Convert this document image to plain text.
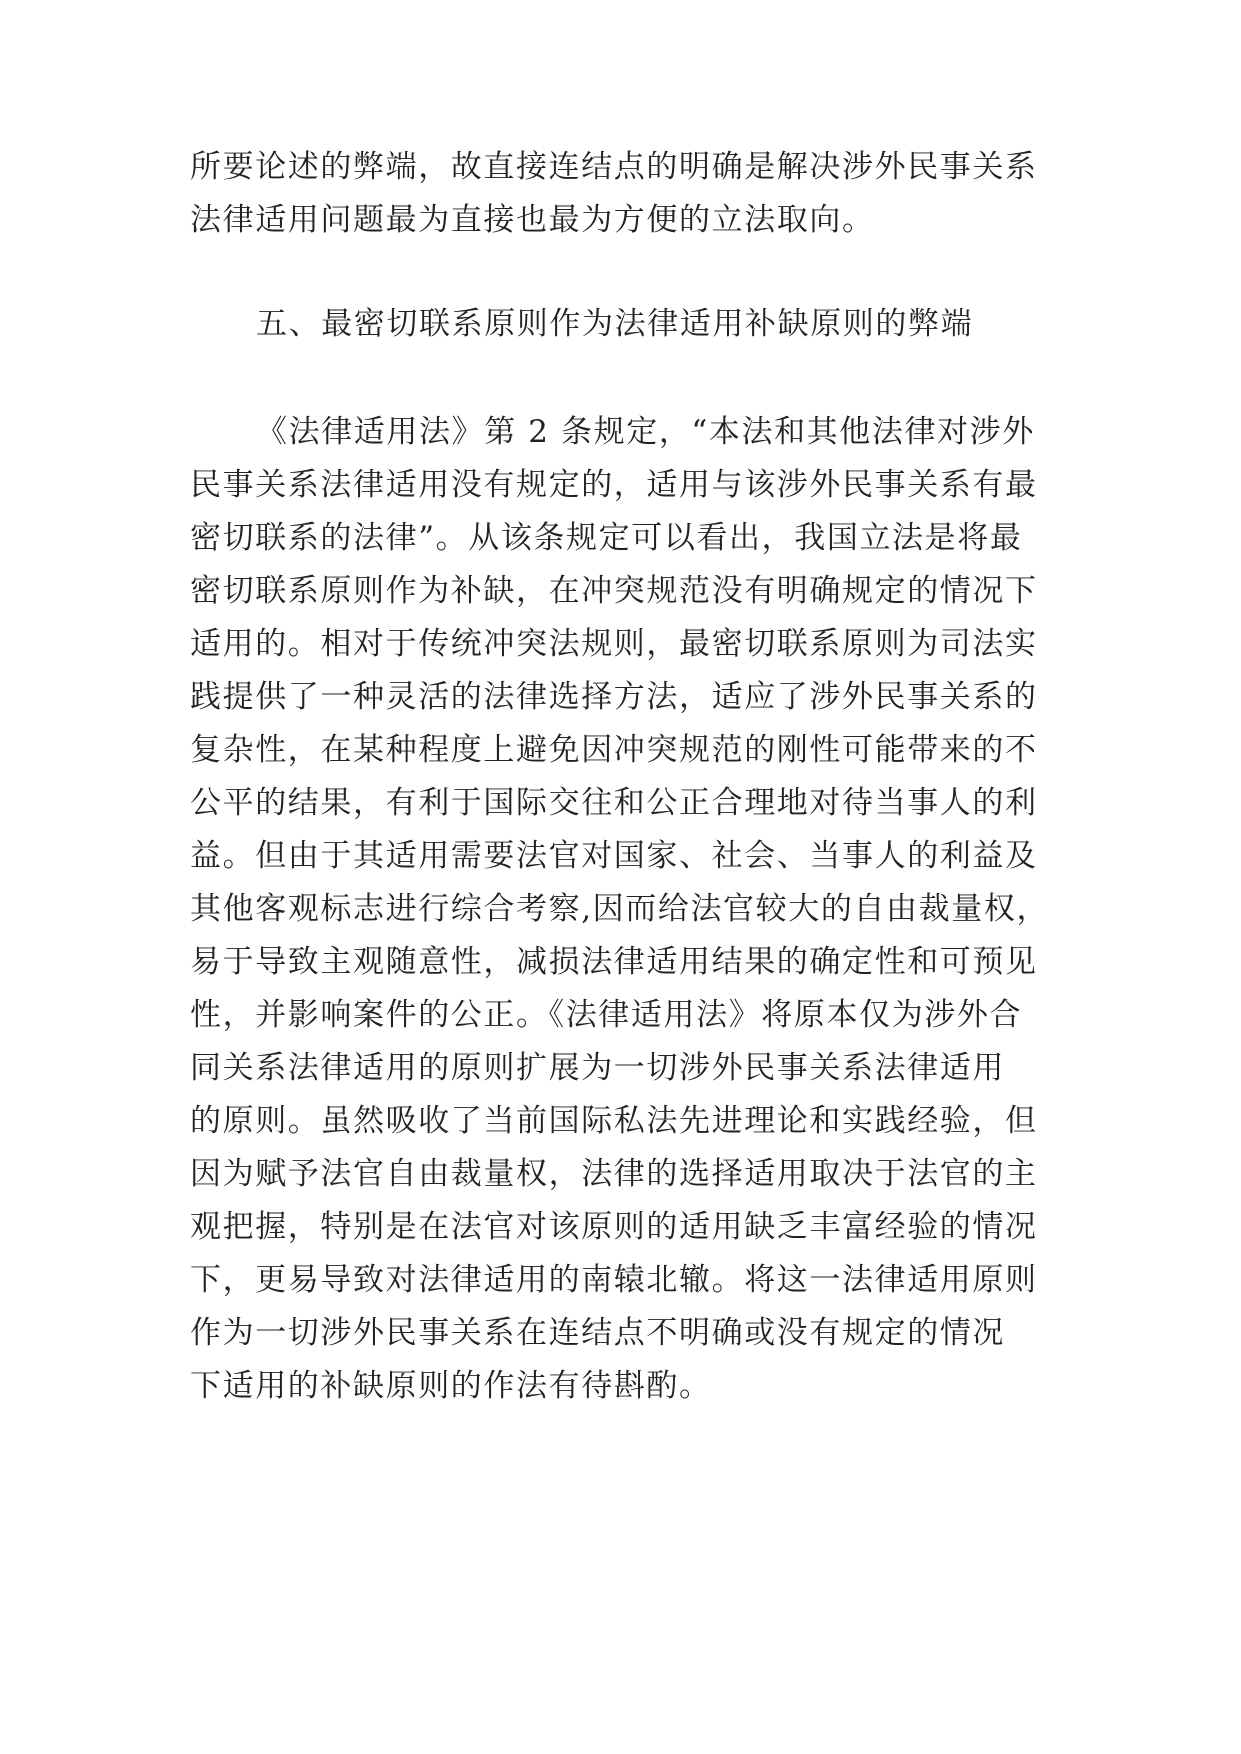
所要论述的弊端，故直接连结点的明确是解决涉外民事关系
法律适用问题最为直接也最为方便的立法取向。
五、最密切联系原则作为法律适用补缺原则的弊端
《法律适用法》第 2 条规定，“本法和其他法律对涉外
民事关系法律适用没有规定的，适用与该涉外民事关系有最
密切联系的法律”。从该条规定可以看出，我国立法是将最
密切联系原则作为补缺，在冲突规范没有明确规定的情况下
适用的。相对于传统冲突法规则，最密切联系原则为司法实
践提供了一种灵活的法律选择方法，适应了涉外民事关系的
复杂性，在某种程度上避免因冲突规范的刚性可能带来的不
公平的结果，有利于国际交往和公正合理地对待当事人的利
益。但由于其适用需要法官对国家、社会、当事人的利益及
其他客观标志进行综合考察,因而给法官较大的自由裁量权，
易于导致主观随意性，减损法律适用结果的确定性和可预见
性，并影响案件的公正。《法律适用法》将原本仅为涉外合
同关系法律适用的原则扩展为一切涉外民事关系法律适用
的原则。虽然吸收了当前国际私法先进理论和实践经验，但
因为赋予法官自由裁量权，法律的选择适用取决于法官的主
观把握，特别是在法官对该原则的适用缺乏丰富经验的情况
下，更易导致对法律适用的南辕北辙。将这一法律适用原则
作为一切涉外民事关系在连结点不明确或没有规定的情况
下适用的补缺原则的作法有待斟酌。
